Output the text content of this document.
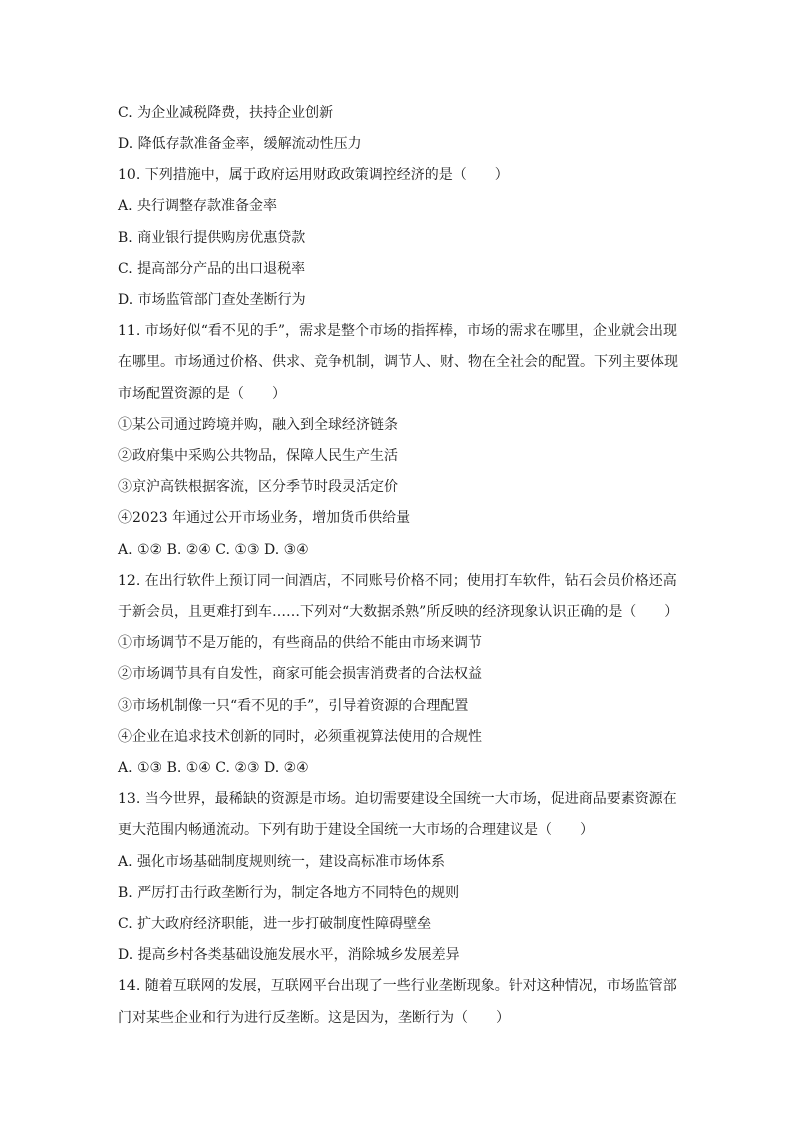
C. 为企业减税降费，扶持企业创新
D. 降低存款准备金率，缓解流动性压力
10. 下列措施中，属于政府运用财政政策调控经济的是（　　）
A. 央行调整存款准备金率
B. 商业银行提供购房优惠贷款
C. 提高部分产品的出口退税率
D. 市场监管部门查处垄断行为
11. 市场好似“看不见的手”，需求是整个市场的指挥棒，市场的需求在哪里，企业就会出现
在哪里。市场通过价格、供求、竞争机制，调节人、财、物在全社会的配置。下列主要体现
市场配置资源的是（　　）
①某公司通过跨境并购，融入到全球经济链条
②政府集中采购公共物品，保障人民生产生活
③京沪高铁根据客流，区分季节时段灵活定价
④2023 年通过公开市场业务，增加货币供给量
A. ①② B. ②④ C. ①③ D. ③④
12. 在出行软件上预订同一间酒店，不同账号价格不同；使用打车软件，钻石会员价格还高
于新会员，且更难打到车……下列对“大数据杀熟”所反映的经济现象认识正确的是（　　）
①市场调节不是万能的，有些商品的供给不能由市场来调节
②市场调节具有自发性，商家可能会损害消费者的合法权益
③市场机制像一只“看不见的手”，引导着资源的合理配置
④企业在追求技术创新的同时，必须重视算法使用的合规性
A. ①③ B. ①④ C. ②③ D. ②④
13. 当今世界，最稀缺的资源是市场。迫切需要建设全国统一大市场，促进商品要素资源在
更大范围内畅通流动。下列有助于建设全国统一大市场的合理建议是（　　）
A. 强化市场基础制度规则统一，建设高标准市场体系
B. 严厉打击行政垄断行为，制定各地方不同特色的规则
C. 扩大政府经济职能，进一步打破制度性障碍壁垒
D. 提高乡村各类基础设施发展水平，消除城乡发展差异
14. 随着互联网的发展，互联网平台出现了一些行业垄断现象。针对这种情况，市场监管部
门对某些企业和行为进行反垄断。这是因为，垄断行为（　　）
